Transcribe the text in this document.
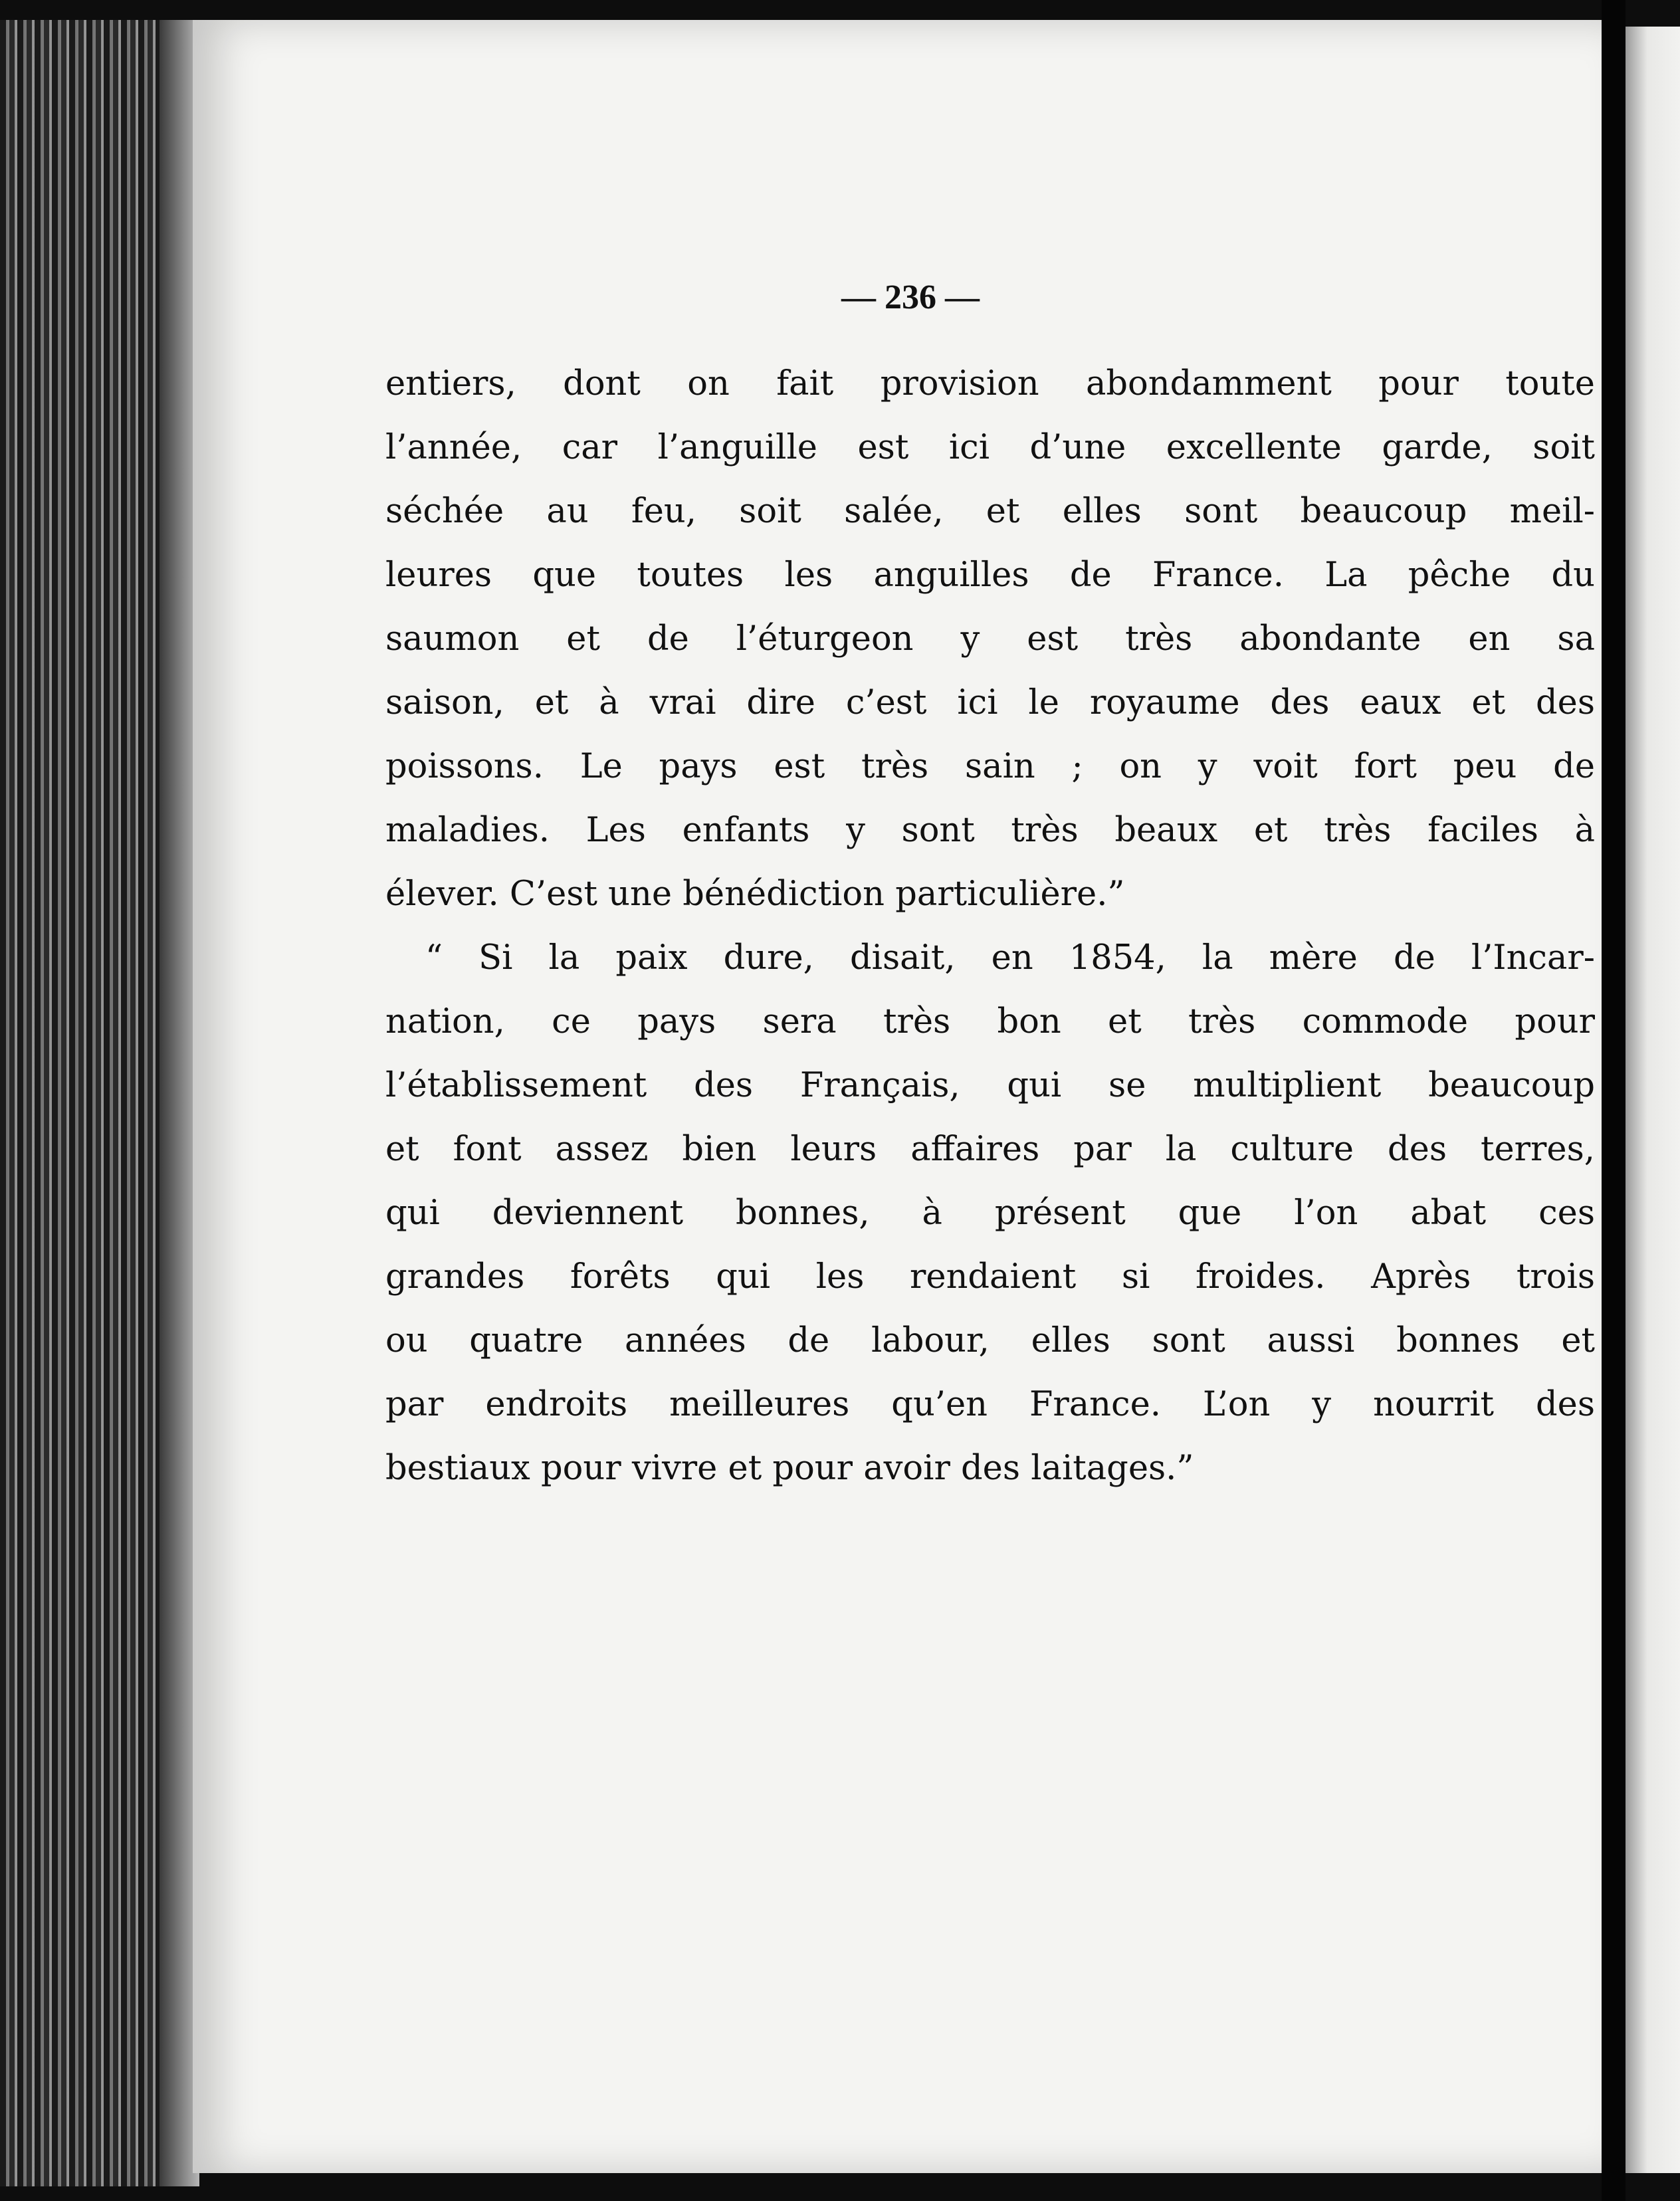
— 236 —
entiers, dont on fait provision abondamment pour toute
l’année, car l’anguille est ici d’une excellente garde, soit
séchée au feu, soit salée, et elles sont beaucoup meil-
leures que toutes les anguilles de France. La pêche du
saumon et de l’éturgeon y est très abondante en sa
saison, et à vrai dire c’est ici le royaume des eaux et des
poissons. Le pays est très sain ; on y voit fort peu de
maladies. Les enfants y sont très beaux et très faciles à
élever. C’est une bénédiction particulière.”
“ Si la paix dure, disait, en 1854, la mère de l’Incar-
nation, ce pays sera très bon et très commode pour
l’établissement des Français, qui se multiplient beaucoup
et font assez bien leurs affaires par la culture des terres,
qui deviennent bonnes, à présent que l’on abat ces
grandes forêts qui les rendaient si froides. Après trois
ou quatre années de labour, elles sont aussi bonnes et
par endroits meilleures qu’en France. L’on y nourrit des
bestiaux pour vivre et pour avoir des laitages.”
